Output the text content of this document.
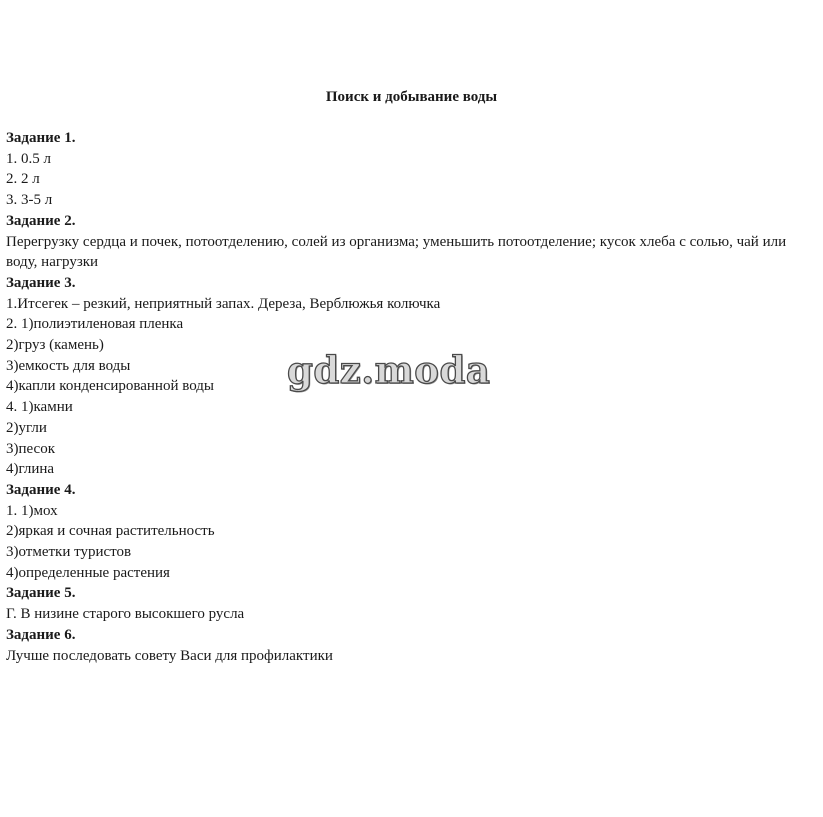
Поиск и добывание воды
Задание 1.
1. 0.5 л
2. 2 л
3. 3-5 л
Задание 2.
Перегрузку сердца и почек, потоотделению, солей из организма; уменьшить потоотделение; кусок хлеба с солью, чай или воду, нагрузки
Задание 3.
1.Итсегек – резкий, неприятный запах. Дереза, Верблюжья колючка
2. 1)полиэтиленовая пленка
2)груз (камень)
3)емкость для воды
4)капли конденсированной воды
4. 1)камни
2)угли
3)песок
4)глина
Задание 4.
1. 1)мох
2)яркая и сочная растительность
3)отметки туристов
4)определенные растения
Задание 5.
Г. В низине старого высокшего русла
Задание 6.
Лучше последовать совету Васи для профилактики
gdz.moda
